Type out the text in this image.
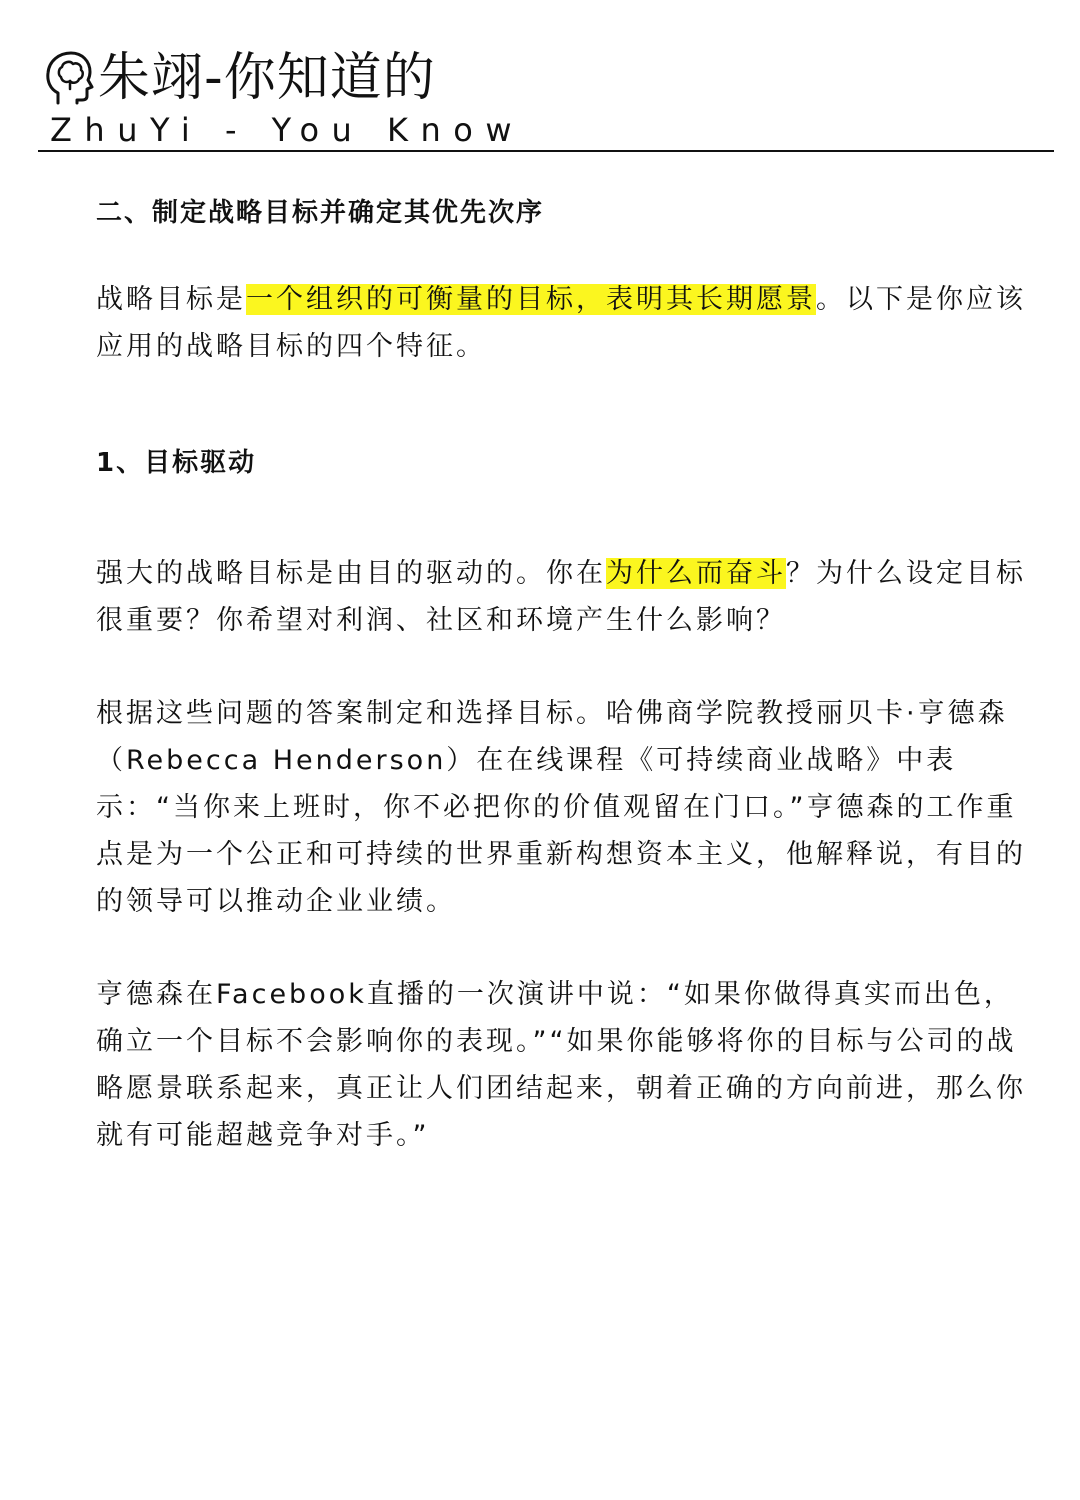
朱翊-你知道的
ZhuYi - You Know

二、制定战略目标并确定其优先次序

战略目标是一个组织的可衡量的目标，表明其长期愿景。以下是你应该应用的战略目标的四个特征。

1、目标驱动

强大的战略目标是由目的驱动的。你在为什么而奋斗？为什么设定目标很重要？你希望对利润、社区和环境产生什么影响？

根据这些问题的答案制定和选择目标。哈佛商学院教授丽贝卡·亨德森（Rebecca Henderson）在在线课程《可持续商业战略》中表示：“当你来上班时，你不必把你的价值观留在门口。”亨德森的工作重点是为一个公正和可持续的世界重新构想资本主义，他解释说，有目的的领导可以推动企业业绩。

亨德森在Facebook直播的一次演讲中说：“如果你做得真实而出色，确立一个目标不会影响你的表现。”“如果你能够将你的目标与公司的战略愿景联系起来，真正让人们团结起来，朝着正确的方向前进，那么你就有可能超越竞争对手。”
